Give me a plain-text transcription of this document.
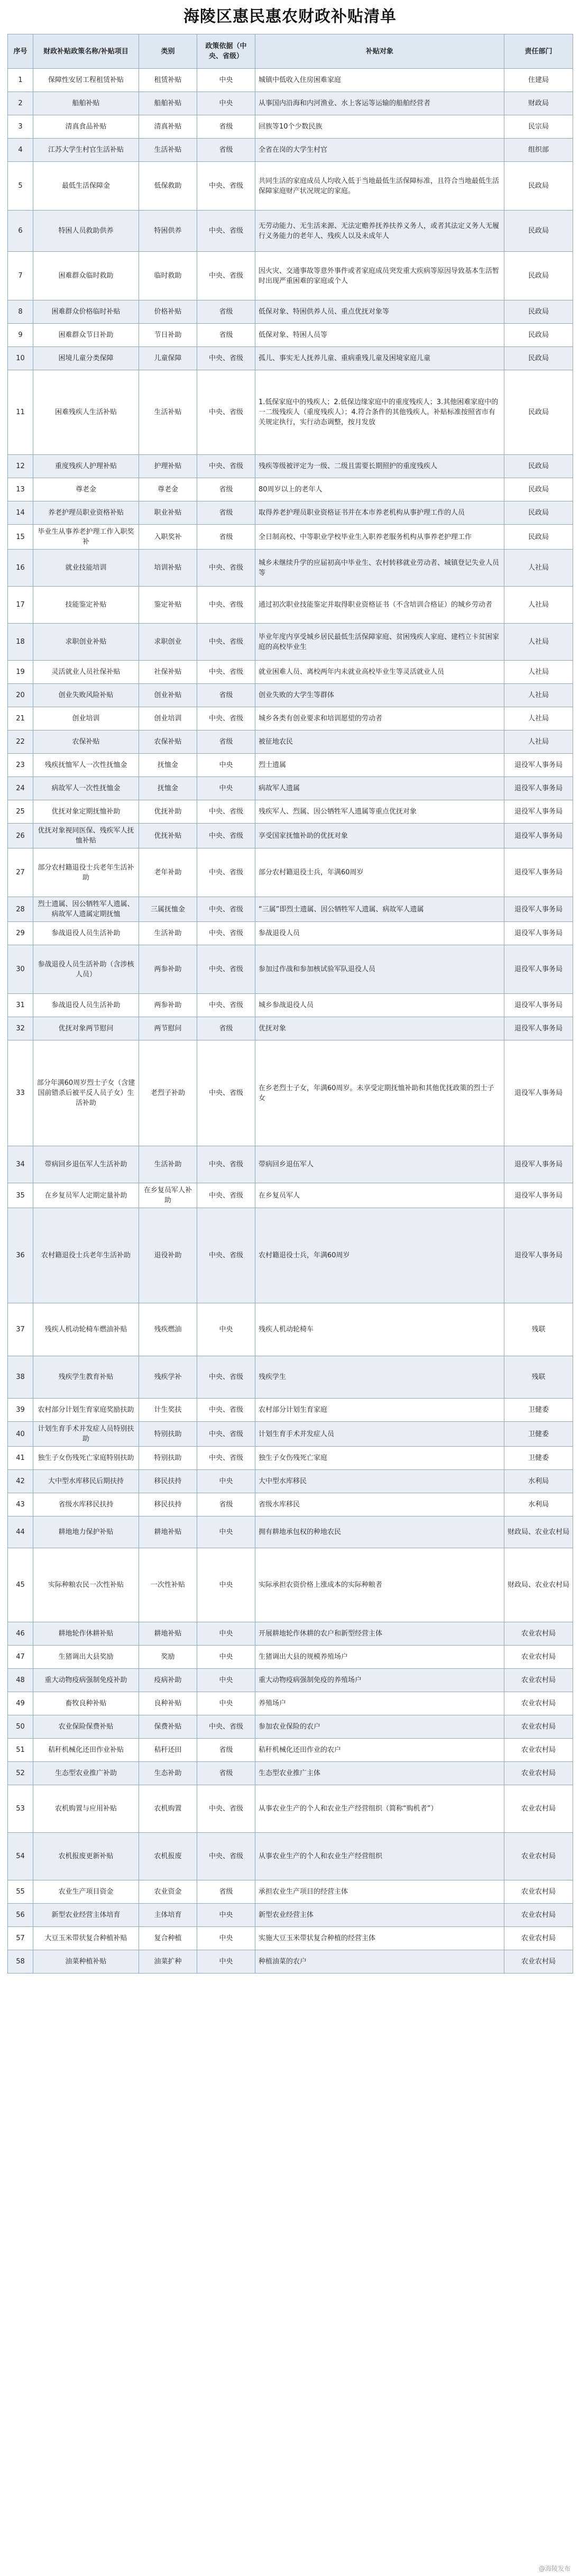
海陵区惠民惠农财政补贴清单
序号	财政补贴政策名称/补贴项目	类别	政策依据（中央、省级）	补贴对象	责任部门
1	保障性安居工程租赁补贴	租赁补贴	中央	城镇中低收入住房困难家庭	住建局
2	船舶补贴	船舶补贴	中央	从事国内沿海和内河渔业、水上客运等运输的船舶经营者	财政局
3	清真食品补贴	清真补贴	省级	回族等10个少数民族	民宗局
4	江苏大学生村官生活补贴	生活补贴	省级	全省在岗的大学生村官	组织部
5	最低生活保障金	低保救助	中央、省级	共同生活的家庭成员人均收入低于当地最低生活保障标准，且符合当地最低生活保障家庭财产状况规定的家庭。	民政局
6	特困人员救助供养	特困供养	中央、省级	无劳动能力、无生活来源、无法定赡养抚养扶养义务人，或者其法定义务人无履行义务能力的老年人、残疾人以及未成年人	民政局
7	困难群众临时救助	临时救助	中央、省级	因火灾、交通事故等意外事件或者家庭成员突发重大疾病等原因导致基本生活暂时出现严重困难的家庭或个人	民政局
8	困难群众价格临时补贴	价格补贴	省级	低保对象、特困供养人员、重点优抚对象等	民政局
9	困难群众节日补助	节日补助	省级	低保对象、特困人员等	民政局
10	困境儿童分类保障	儿童保障	中央、省级	孤儿、事实无人抚养儿童、重病重残儿童及困境家庭儿童	民政局
11	困难残疾人生活补贴	生活补贴	中央、省级	1.低保家庭中的残疾人；2.低保边缘家庭中的重度残疾人；3.其他困难家庭中的一二级残疾人（重度残疾人）；4.符合条件的其他残疾人。补贴标准按照省市有关规定执行，实行动态调整，按月发放	民政局
12	重度残疾人护理补贴	护理补贴	中央、省级	残疾等级被评定为一级、二级且需要长期照护的重度残疾人	民政局
13	尊老金	尊老金	省级	80周岁以上的老年人	民政局
14	养老护理员职业资格补贴	职业补贴	省级	取得养老护理员职业资格证书并在本市养老机构从事护理工作的人员	民政局
15	毕业生从事养老护理工作入职奖补	入职奖补	省级	全日制高校、中等职业学校毕业生入职养老服务机构从事养老护理工作	民政局
16	就业技能培训	培训补贴	中央、省级	城乡未继续升学的应届初高中毕业生、农村转移就业劳动者、城镇登记失业人员等	人社局
17	技能鉴定补贴	鉴定补贴	中央、省级	通过初次职业技能鉴定并取得职业资格证书（不含培训合格证）的城乡劳动者	人社局
18	求职创业补贴	求职创业	中央、省级	毕业年度内享受城乡居民最低生活保障家庭、贫困残疾人家庭、建档立卡贫困家庭的高校毕业生	人社局
19	灵活就业人员社保补贴	社保补贴	中央、省级	就业困难人员、离校两年内未就业高校毕业生等灵活就业人员	人社局
20	创业失败风险补贴	创业补贴	省级	创业失败的大学生等群体	人社局
21	创业培训	创业培训	中央、省级	城乡各类有创业要求和培训愿望的劳动者	人社局
22	农保补贴	农保补贴	省级	被征地农民	人社局
23	残疾抚恤军人一次性抚恤金	抚恤金	中央	烈士遗属	退役军人事务局
24	病故军人一次性抚恤金	抚恤金	中央	病故军人遗属	退役军人事务局
25	优抚对象定期抚恤补助	优抚补助	中央、省级	残疾军人、烈属、因公牺牲军人遗属等重点优抚对象	退役军人事务局
26	优抚对象视同医保、残疾军人抚恤补贴	优抚补贴	中央、省级	享受国家抚恤补助的优抚对象	退役军人事务局
27	部分农村籍退役士兵老年生活补助	老年补助	中央、省级	部分农村籍退役士兵，年满60周岁	退役军人事务局
28	烈士遗属、因公牺牲军人遗属、病故军人遗属定期抚恤	三属抚恤金	中央、省级	“三属”即烈士遗属、因公牺牲军人遗属、病故军人遗属	退役军人事务局
29	参战退役人员生活补助	生活补助	中央、省级	参战退役人员	退役军人事务局
30	参战退役人员生活补助（含涉核人员）	两参补助	中央、省级	参加过作战和参加核试验军队退役人员	退役军人事务局
31	参战退役人员生活补助	两参补助	中央、省级	城乡参战退役人员	退役军人事务局
32	优抚对象两节慰问	两节慰问	省级	优抚对象	退役军人事务局
33	部分年满60周岁烈士子女（含建国前错杀后被平反人员子女）生活补助	老烈子补助	中央、省级	在乡老烈士子女，年满60周岁。未享受定期抚恤补助和其他优抚政策的烈士子女	退役军人事务局
34	带病回乡退伍军人生活补助	生活补助	中央、省级	带病回乡退伍军人	退役军人事务局
35	在乡复员军人定期定量补助	在乡复员军人补助	中央、省级	在乡复员军人	退役军人事务局
36	农村籍退役士兵老年生活补助	退役补助	中央、省级	农村籍退役士兵，年满60周岁	退役军人事务局
37	残疾人机动轮椅车燃油补贴	残疾燃油	中央	残疾人机动轮椅车	残联
38	残疾学生教育补贴	残疾学补	中央、省级	残疾学生	残联
39	农村部分计划生育家庭奖励扶助	计生奖扶	中央、省级	农村部分计划生育家庭	卫健委
40	计划生育手术并发症人员特别扶助	特别扶助	中央、省级	计划生育手术并发症人员	卫健委
41	独生子女伤残死亡家庭特别扶助	特别扶助	中央、省级	独生子女伤残死亡家庭	卫健委
42	大中型水库移民后期扶持	移民扶持	中央	大中型水库移民	水利局
43	省级水库移民扶持	移民扶持	省级	省级水库移民	水利局
44	耕地地力保护补贴	耕地补贴	中央	拥有耕地承包权的种地农民	财政局、农业农村局
45	实际种粮农民一次性补贴	一次性补贴	中央	实际承担农资价格上涨成本的实际种粮者	财政局、农业农村局
46	耕地轮作休耕补贴	耕地补贴	中央	开展耕地轮作休耕的农户和新型经营主体	农业农村局
47	生猪调出大县奖励	奖励	中央	生猪调出大县的规模养殖场户	农业农村局
48	重大动物疫病强制免疫补助	疫病补助	中央	重大动物疫病强制免疫的养殖场户	农业农村局
49	畜牧良种补贴	良种补贴	中央	养殖场户	农业农村局
50	农业保险保费补贴	保费补贴	中央、省级	参加农业保险的农户	农业农村局
51	秸秆机械化还田作业补贴	秸秆还田	省级	秸秆机械化还田作业的农户	农业农村局
52	生态型农业推广补助	生态补助	省级	生态型农业推广主体	农业农村局
53	农机购置与应用补贴	农机购置	中央、省级	从事农业生产的个人和农业生产经营组织（简称“购机者”）	农业农村局
54	农机报废更新补贴	农机报废	中央、省级	从事农业生产的个人和农业生产经营组织	农业农村局
55	农业生产项目资金	农业资金	省级	承担农业生产项目的经营主体	农业农村局
56	新型农业经营主体培育	主体培育	中央	新型农业经营主体	农业农村局
57	大豆玉米带状复合种植补贴	复合种植	中央	实施大豆玉米带状复合种植的经营主体	农业农村局
58	油菜种植补贴	油菜扩种	中央	种植油菜的农户	农业农村局
@海陵发布
